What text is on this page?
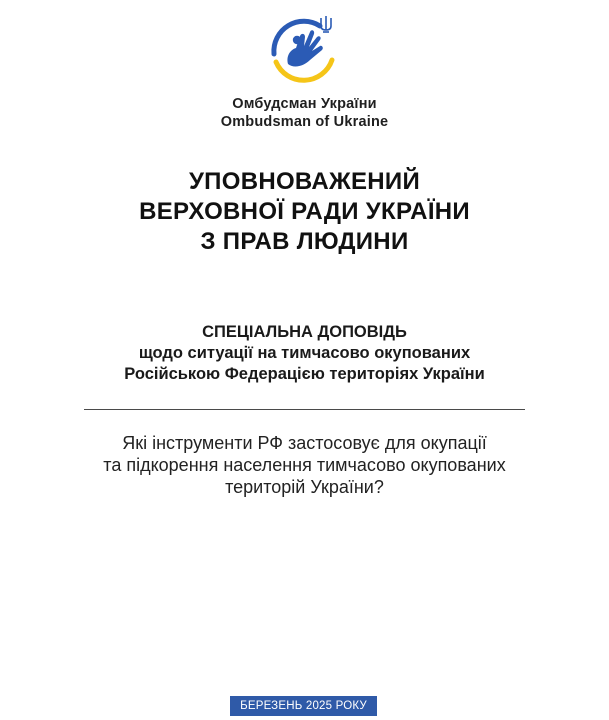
Омбудсман України
Ombudsman of Ukraine
УПОВНОВАЖЕНИЙ
ВЕРХОВНОЇ РАДИ УКРАЇНИ
З ПРАВ ЛЮДИНИ
СПЕЦІАЛЬНА ДОПОВІДЬ
щодо ситуації на тимчасово окупованих
Російською Федерацією територіях України
Які інструменти РФ застосовує для окупації
та підкорення населення тимчасово окупованих
територій України?
БЕРЕЗЕНЬ 2025 РОКУ
